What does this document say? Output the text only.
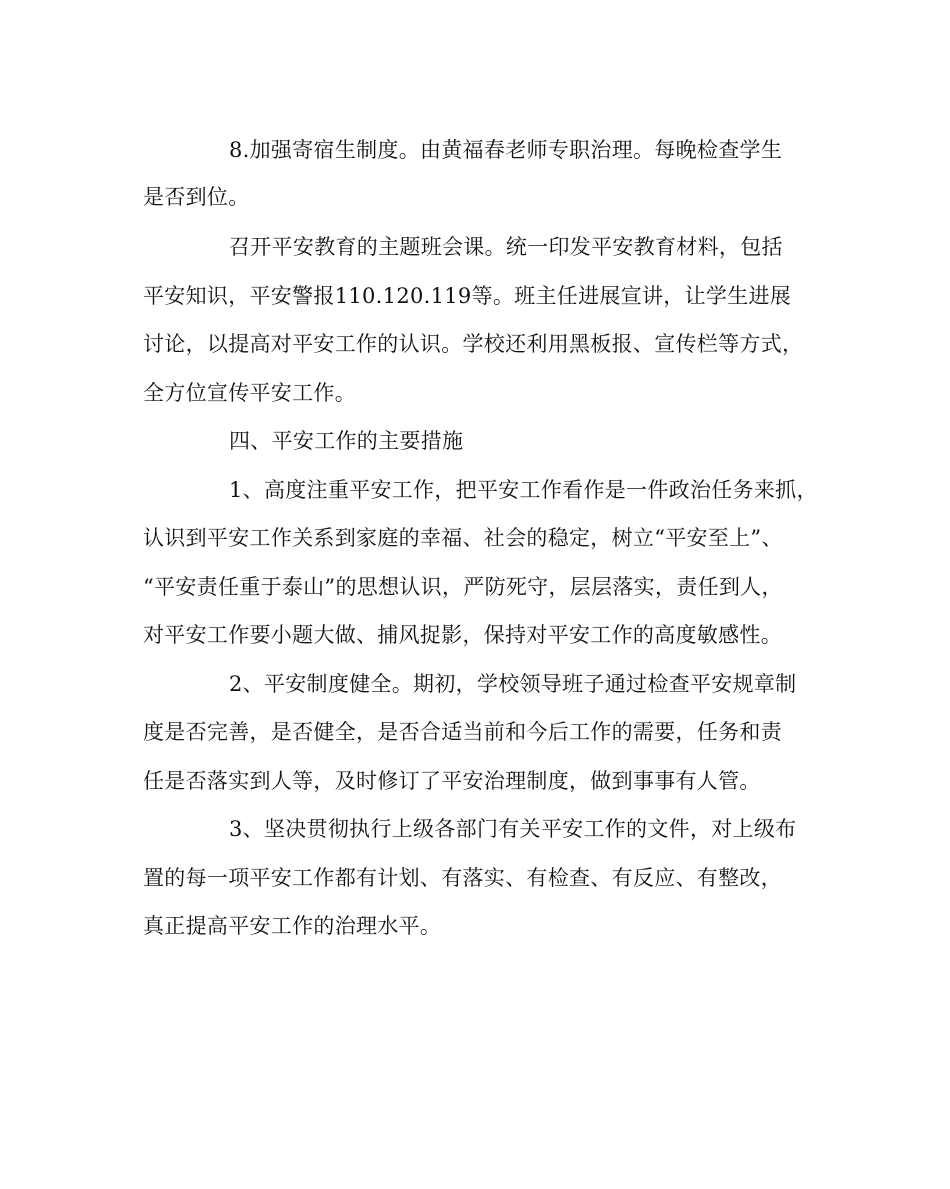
8.加强寄宿生制度。由黄福春老师专职治理。每晚检查学生
是否到位。
召开平安教育的主题班会课。统一印发平安教育材料，包括
平安知识，平安警报110.120.119等。班主任进展宣讲，让学生进展
讨论，以提高对平安工作的认识。学校还利用黑板报、宣传栏等方式，
全方位宣传平安工作。
四、平安工作的主要措施
1、高度注重平安工作，把平安工作看作是一件政治任务来抓，
认识到平安工作关系到家庭的幸福、社会的稳定，树立“平安至上”、
“平安责任重于泰山”的思想认识，严防死守，层层落实，责任到人，
对平安工作要小题大做、捕风捉影，保持对平安工作的高度敏感性。
2、平安制度健全。期初，学校领导班子通过检查平安规章制
度是否完善，是否健全，是否合适当前和今后工作的需要，任务和责
任是否落实到人等，及时修订了平安治理制度，做到事事有人管。
3、坚决贯彻执行上级各部门有关平安工作的文件，对上级布
置的每一项平安工作都有计划、有落实、有检查、有反应、有整改，
真正提高平安工作的治理水平。
